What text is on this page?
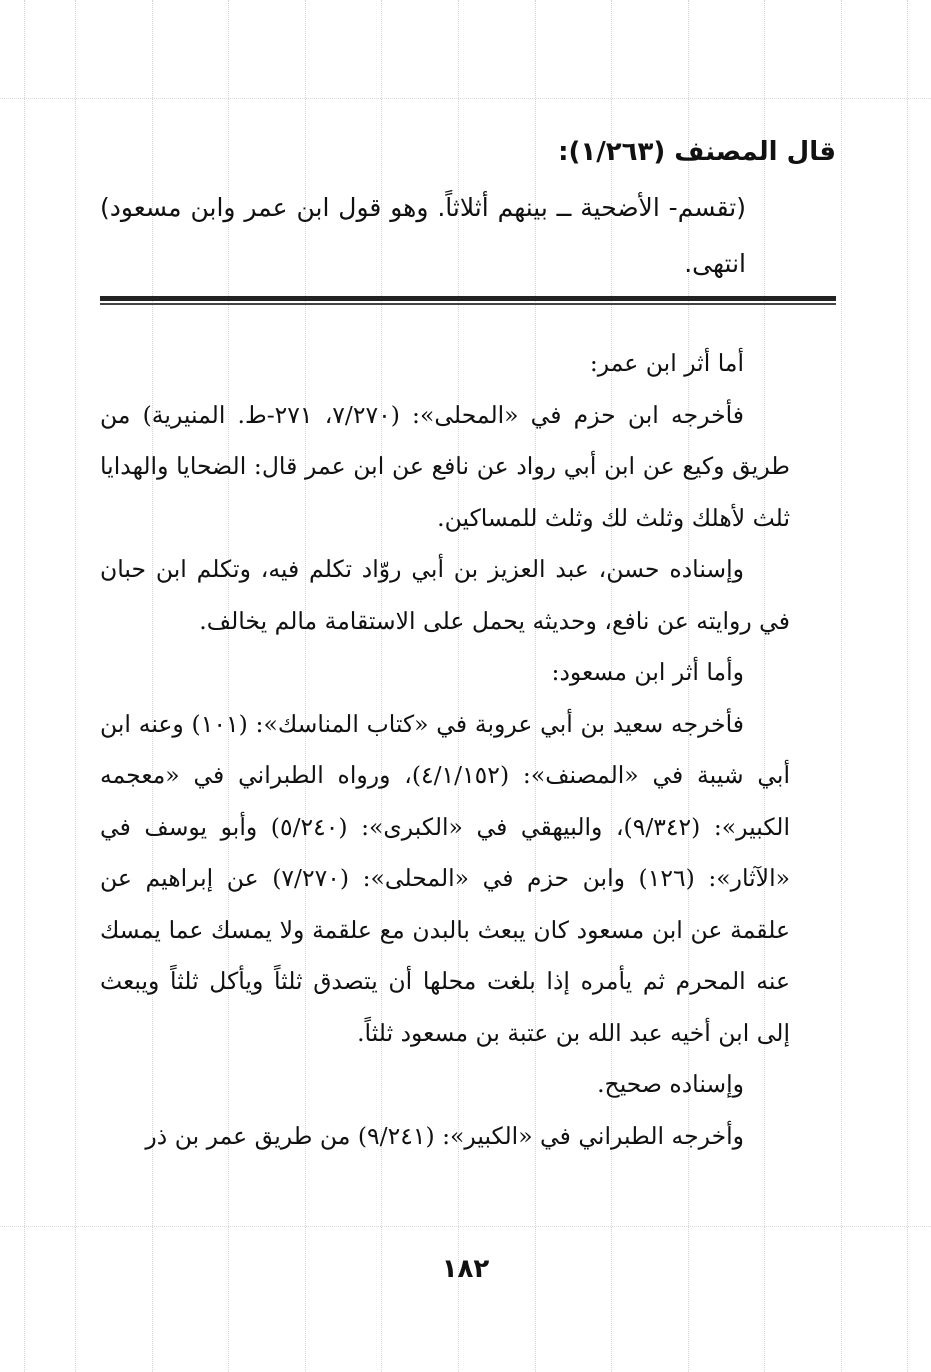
قال المصنف (١/٢٦٣):
(تقسم- الأضحية ــ بينهم أثلاثاً. وهو قول ابن عمر وابن مسعود) انتهى.

أما أثر ابن عمر:

فأخرجه ابن حزم في «المحلى»: (٧/٢٧٠، ٢٧١-ط. المنيرية) من طريق وكيع عن ابن أبي رواد عن نافع عن ابن عمر قال: الضحايا والهدايا ثلث لأهلك وثلث لك وثلث للمساكين.

وإسناده حسن، عبد العزيز بن أبي روّاد تكلم فيه، وتكلم ابن حبان في روايته عن نافع، وحديثه يحمل على الاستقامة مالم يخالف.

وأما أثر ابن مسعود:

فأخرجه سعيد بن أبي عروبة في «كتاب المناسك»: (١٠١) وعنه ابن أبي شيبة في «المصنف»: (٤/١/١٥٢)، ورواه الطبراني في «معجمه الكبير»: (٩/٣٤٢)، والبيهقي في «الكبرى»: (٥/٢٤٠) وأبو يوسف في «الآثار»: (١٢٦) وابن حزم في «المحلى»: (٧/٢٧٠) عن إبراهيم عن علقمة عن ابن مسعود كان يبعث بالبدن مع علقمة ولا يمسك عما يمسك عنه المحرم ثم يأمره إذا بلغت محلها أن يتصدق ثلثاً ويأكل ثلثاً ويبعث إلى ابن أخيه عبد الله بن عتبة بن مسعود ثلثاً.

وإسناده صحيح.

وأخرجه الطبراني في «الكبير»: (٩/٢٤١) من طريق عمر بن ذر

١٨٢
